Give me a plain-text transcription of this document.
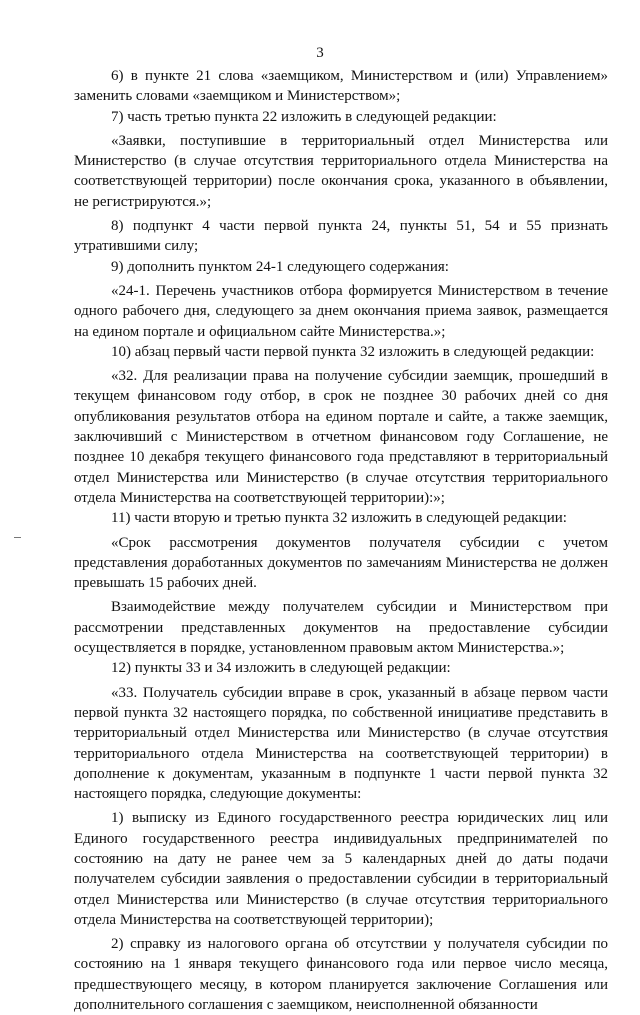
3

6) в пункте 21 слова «заемщиком, Министерством и (или) Управлением» заменить словами «заемщиком и Министерством»;

7) часть третью пункта 22 изложить в следующей редакции:

«Заявки, поступившие в территориальный отдел Министерства или Министерство (в случае отсутствия территориального отдела Министерства на соответствующей территории) после окончания срока, указанного в объявлении, не регистрируются.»;

8) подпункт 4 части первой пункта 24, пункты 51, 54 и 55 признать утратившими силу;

9) дополнить пунктом 24-1 следующего содержания:

«24-1. Перечень участников отбора формируется Министерством в течение одного рабочего дня, следующего за днем окончания приема заявок, размещается на едином портале и официальном сайте Министерства.»;

10) абзац первый части первой пункта 32 изложить в следующей редакции:

«32. Для реализации права на получение субсидии заемщик, прошедший в текущем финансовом году отбор, в срок не позднее 30 рабочих дней со дня опубликования результатов отбора на едином портале и сайте, а также заемщик, заключивший с Министерством в отчетном финансовом году Соглашение, не позднее 10 декабря текущего финансового года представляют в территориальный отдел Министерства или Министерство (в случае отсутствия территориального отдела Министерства на соответствующей территории):»;

11) части вторую и третью пункта 32 изложить в следующей редакции:

«Срок рассмотрения документов получателя субсидии с учетом представления доработанных документов по замечаниям Министерства не должен превышать 15 рабочих дней.

Взаимодействие между получателем субсидии и Министерством при рассмотрении представленных документов на предоставление субсидии осуществляется в порядке, установленном правовым актом Министерства.»;

12) пункты 33 и 34 изложить в следующей редакции:

«33. Получатель субсидии вправе в срок, указанный в абзаце первом части первой пункта 32 настоящего порядка, по собственной инициативе представить в территориальный отдел Министерства или Министерство (в случае отсутствия территориального отдела Министерства на соответствующей территории) в дополнение к документам, указанным в подпункте 1 части первой пункта 32 настоящего порядка, следующие документы:

1) выписку из Единого государственного реестра юридических лиц или Единого государственного реестра индивидуальных предпринимателей по состоянию на дату не ранее чем за 5 календарных дней до даты подачи получателем субсидии заявления о предоставлении субсидии в территориальный отдел Министерства или Министерство (в случае отсутствия территориального отдела Министерства на соответствующей территории);

2) справку из налогового органа об отсутствии у получателя субсидии по состоянию на 1 января текущего финансового года или первое число месяца, предшествующего месяцу, в котором планируется заключение Соглашения или дополнительного соглашения с заемщиком, неисполненной обязанности
